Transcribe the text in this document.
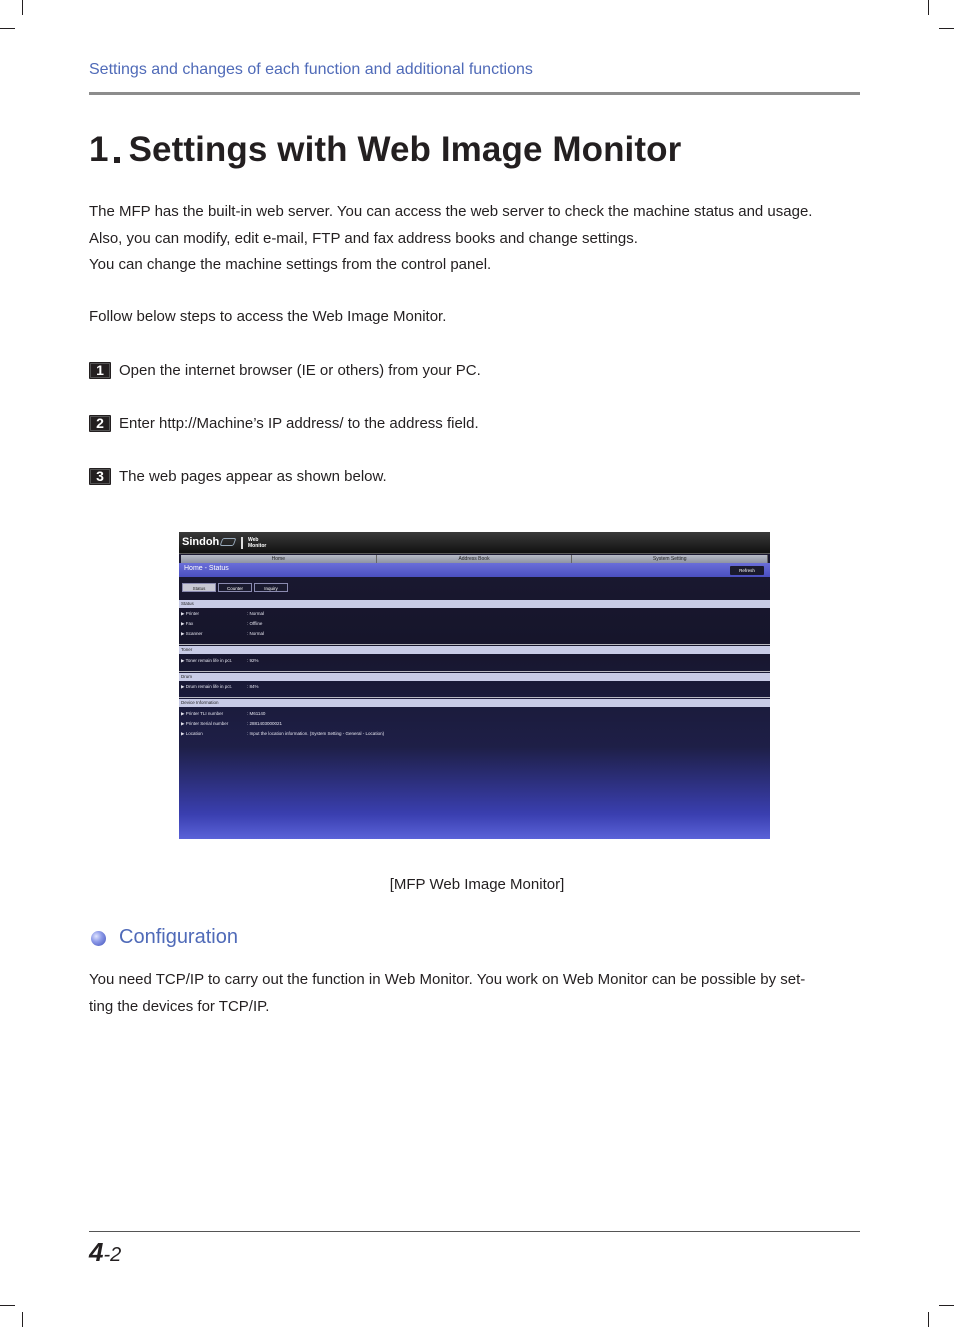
Settings and changes of each function and additional functions
1 Settings with Web Image Monitor
The MFP has the built-in web server. You can access the web server to check the machine status and usage.
Also, you can modify, edit e-mail, FTP and fax address books and change settings.
You can change the machine settings from the control panel.
Follow below steps to access the Web Image Monitor.
1	Open the internet browser (IE or others) from your PC.
2	Enter http://Machine’s IP address/ to the address field.
3	The web pages appear as shown below.
Sindoh	Web
Monitor
Home	Address Book	System Setting
Home - Status	Refresh
Status	Counter	Inquiry
Status
▶ Printer	: Normal
▶ Fax	: Offline
▶ Scanner	: Normal
Toner
▶ Toner remain life in pct.	: 92%
Drum
▶ Drum remain life in pct.	: 84%
Device Information
▶ Printer TLI number	: M61140
▶ Printer Serial number	: 2881403000021
▶ Location	: Input the location information. (System Setting - General - Location)
[MFP Web Image Monitor]
Configuration
You need TCP/IP to carry out the function in Web Monitor. You work on Web Monitor can be possible by set-
ting the devices for TCP/IP.
4-2
